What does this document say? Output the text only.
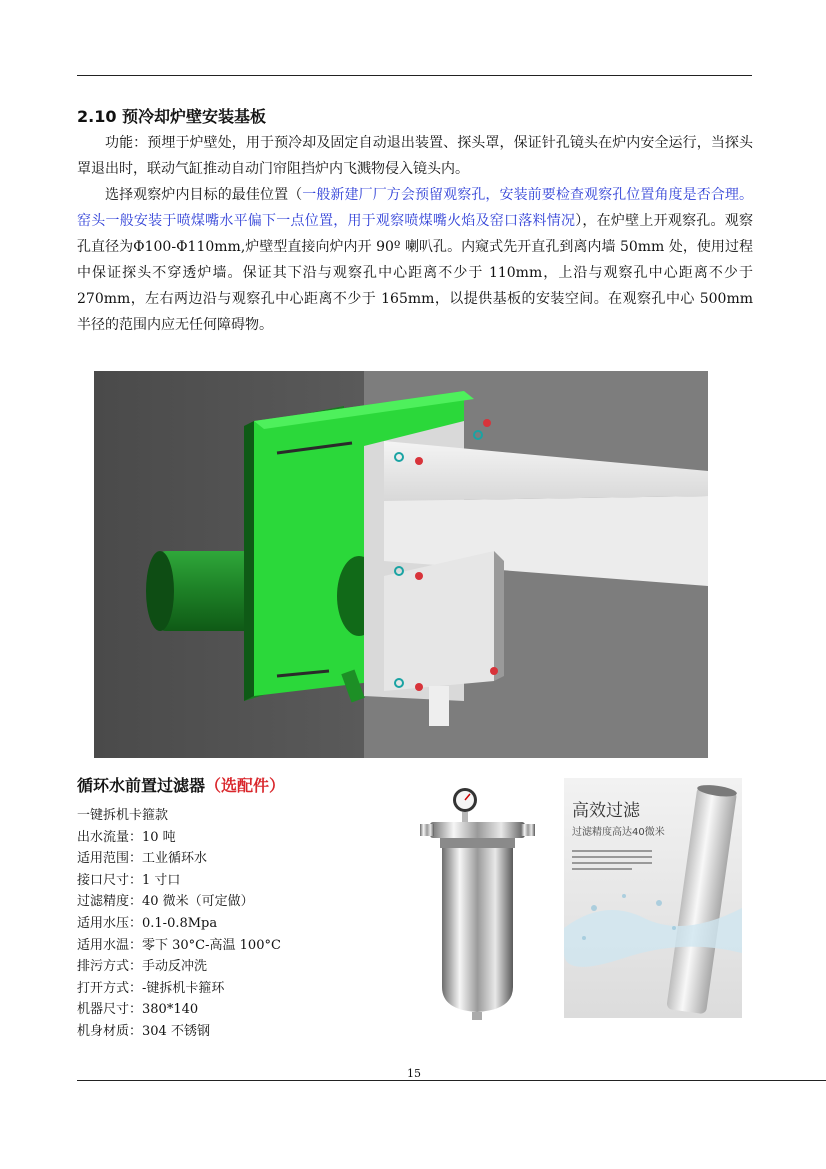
2.10 预冷却炉壁安装基板

功能：预埋于炉壁处，用于预冷却及固定自动退出装置、探头罩，保证针孔镜头在炉内安全运行，当探头罩退出时，联动气缸推动自动门帘阻挡炉内飞溅物侵入镜头内。

选择观察炉内目标的最佳位置（一般新建厂厂方会预留观察孔，安装前要检查观察孔位置角度是否合理。窑头一般安装于喷煤嘴水平偏下一点位置，用于观察喷煤嘴火焰及窑口落料情况），在炉壁上开观察孔。观察孔直径为Φ100-Φ110mm,炉壁型直接向炉内开 90º 喇叭孔。内窥式先开直孔到离内墙 50mm 处，使用过程中保证探头不穿透炉墙。保证其下沿与观察孔中心距离不少于 110mm，上沿与观察孔中心距离不少于 270mm，左右两边沿与观察孔中心距离不少于 165mm，以提供基板的安装空间。在观察孔中心 500mm 半径的范围内应无任何障碍物。

循环水前置过滤器（选配件）
一键拆机卡箍款
出水流量：10 吨
适用范围：工业循环水
接口尺寸：1 寸口
过滤精度：40 微米（可定做）
适用水压：0.1-0.8Mpa
适用水温：零下 30°C-高温 100°C
排污方式：手动反冲洗
打开方式：-键拆机卡箍环
机器尺寸：380*140
机身材质：304 不锈钢

高效过滤

过滤精度高达40微米

15
